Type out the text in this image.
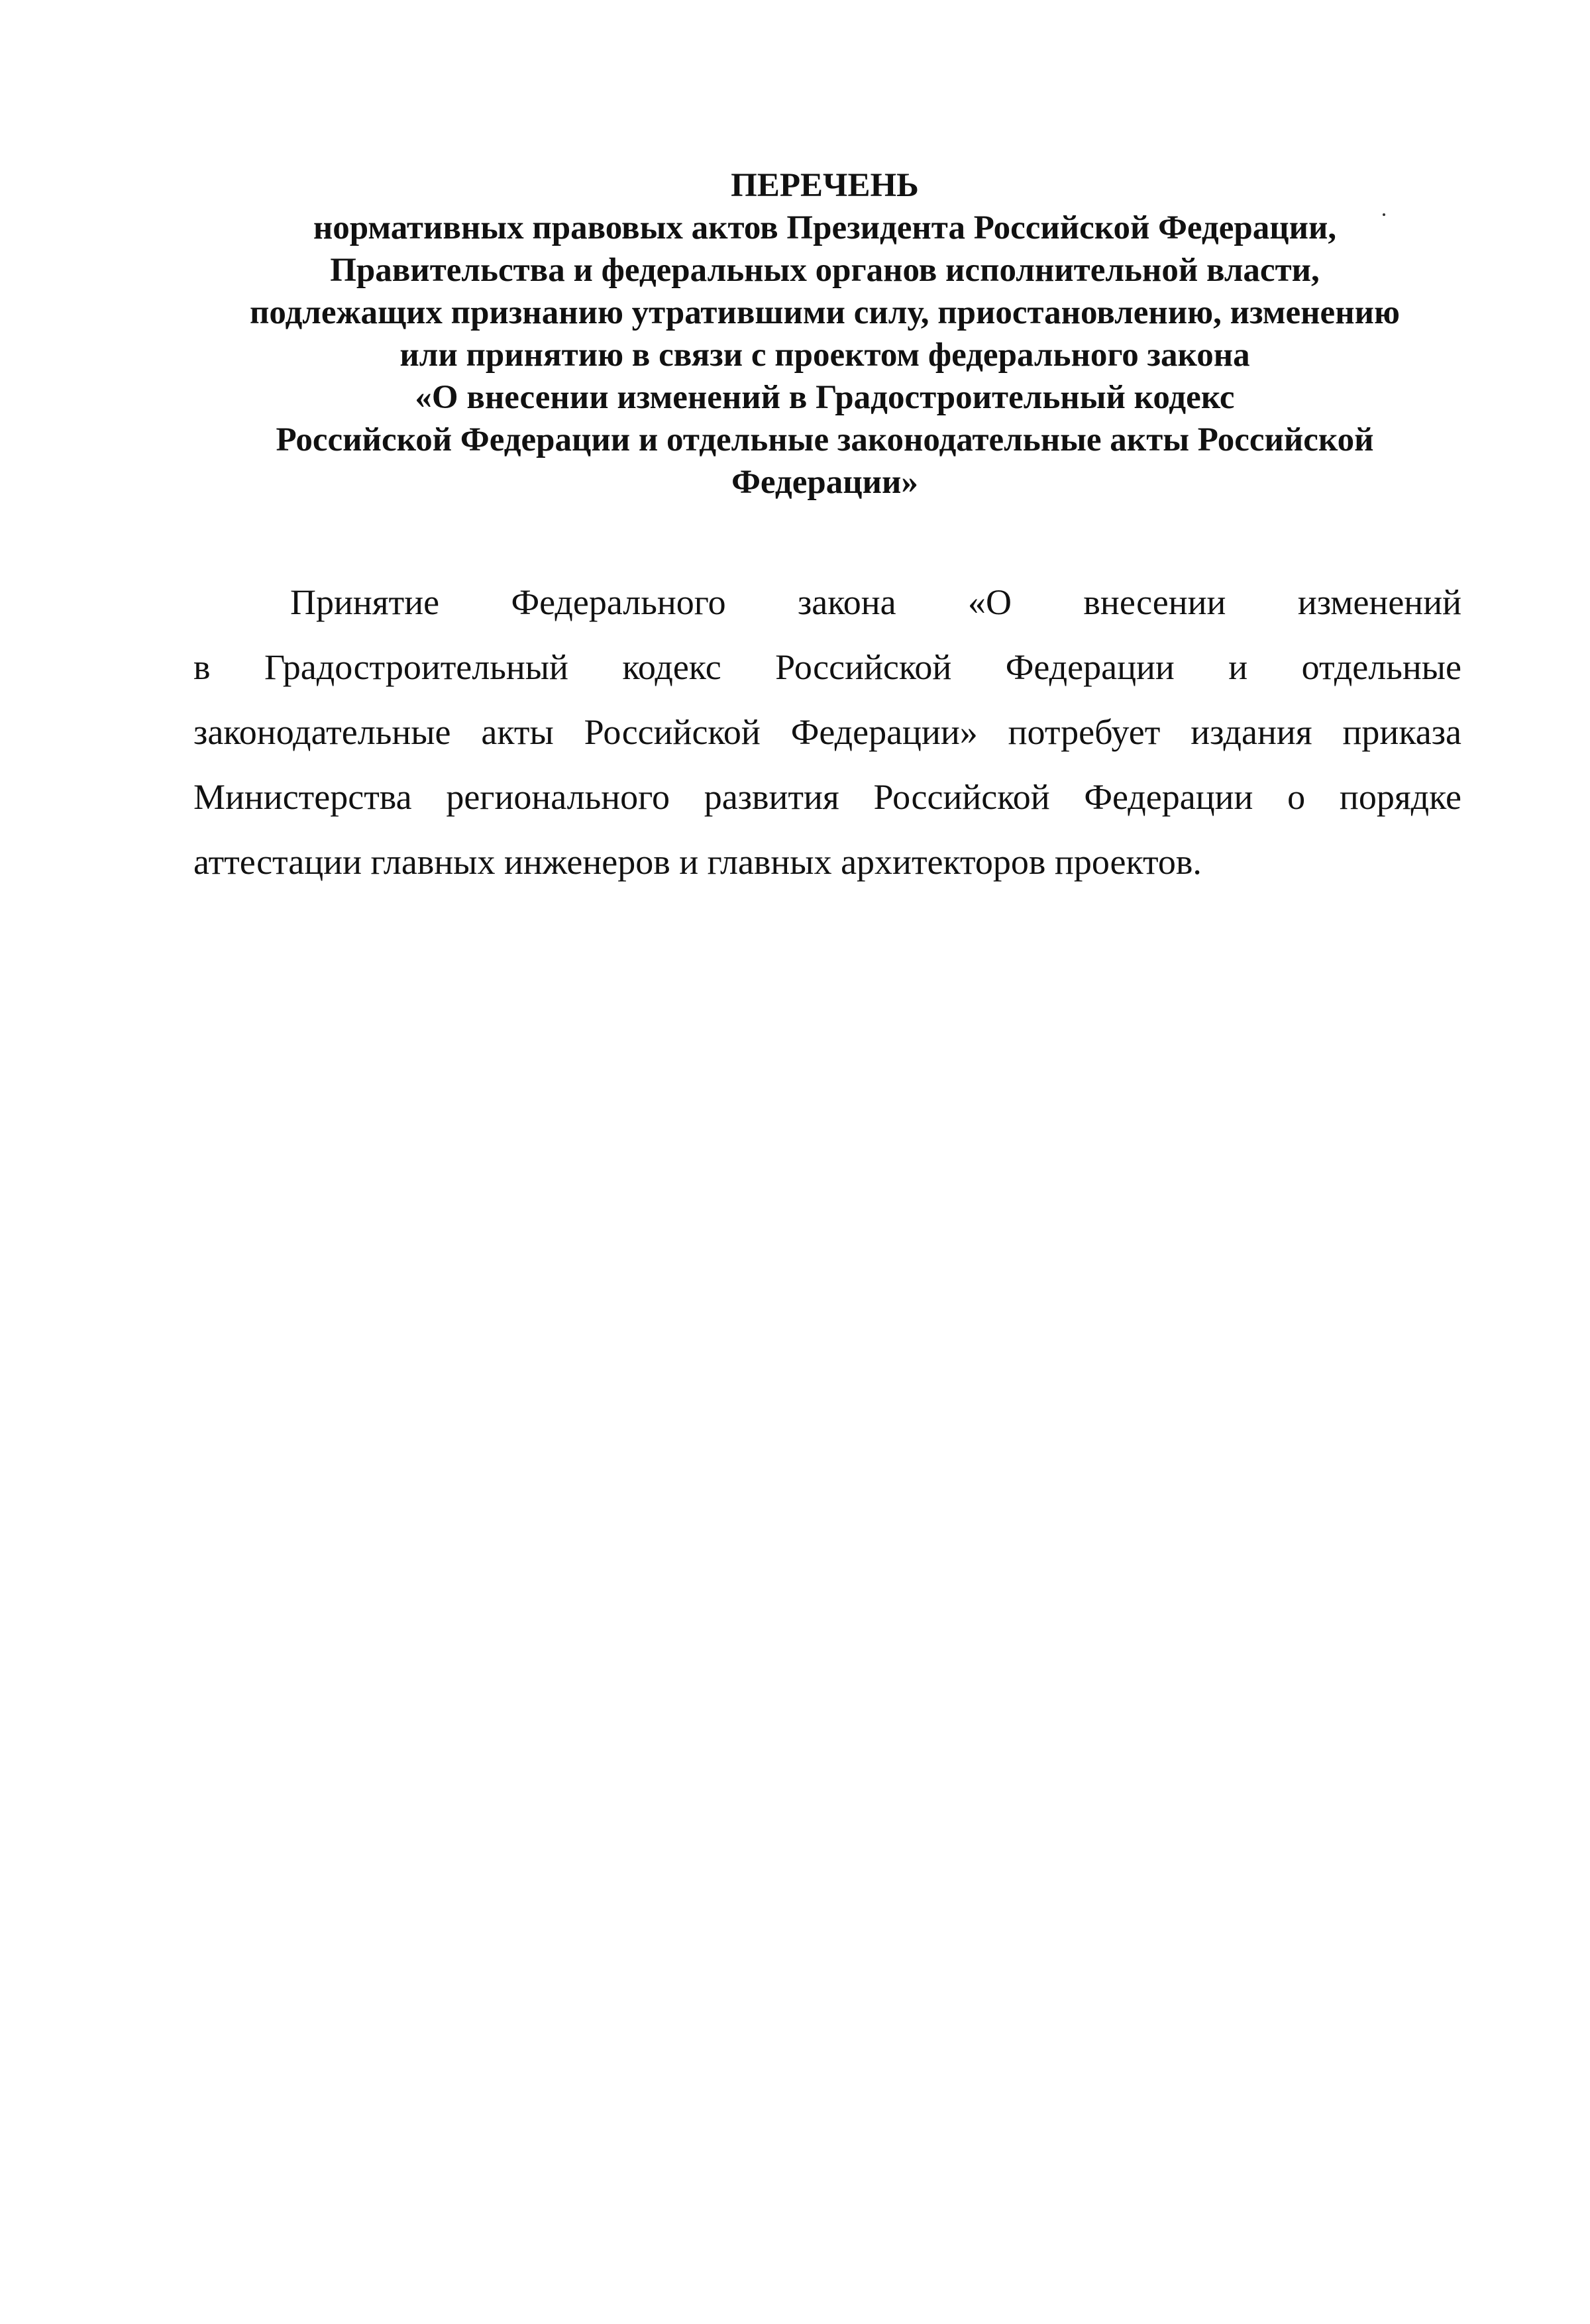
ПЕРЕЧЕНЬ
нормативных правовых актов Президента Российской Федерации,
Правительства и федеральных органов исполнительной власти,
подлежащих признанию утратившими силу, приостановлению, изменению
или принятию в связи с проектом федерального закона
«О внесении изменений в Градостроительный кодекс
Российской Федерации и отдельные законодательные акты Российской
Федерации»
Принятие Федерального закона «О внесении изменений
в Градостроительный кодекс Российской Федерации и отдельные
законодательные акты Российской Федерации» потребует издания приказа
Министерства регионального развития Российской Федерации о порядке
аттестации главных инженеров и главных архитекторов проектов.
